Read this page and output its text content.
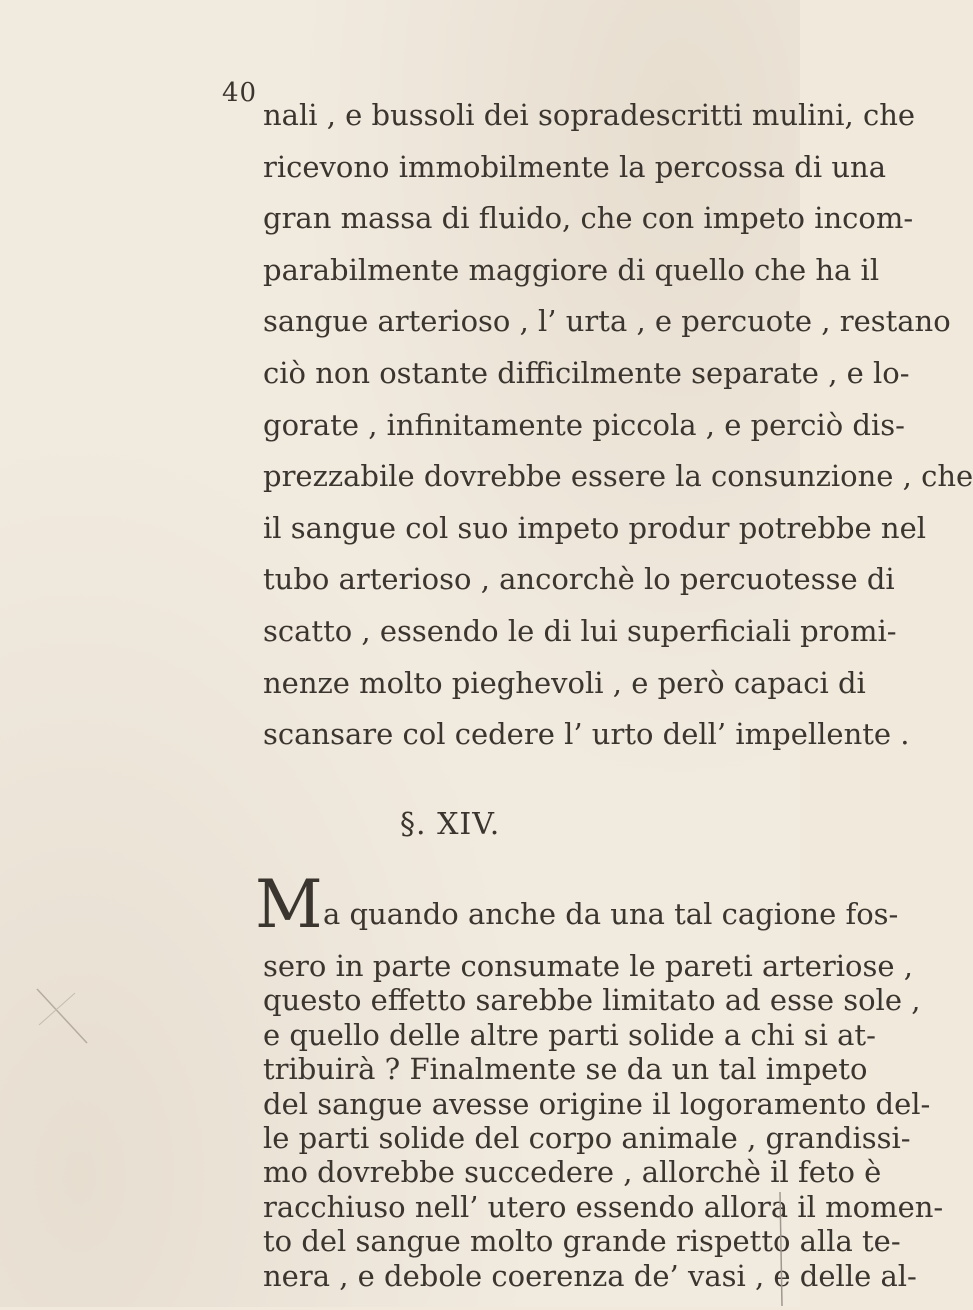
40
nali , e bussoli dei sopradescritti mulini, che
ricevono immobilmente la percossa di una
gran massa di fluido, che con impeto incom-
parabilmente maggiore di quello che ha il
sangue arterioso , l’ urta , e percuote , restano
ciò non ostante difficilmente separate , e lo-
gorate , infinitamente piccola , e perciò dis-
prezzabile dovrebbe essere la consunzione , che
il sangue col suo impeto produr potrebbe nel
tubo arterioso , ancorchè lo percuotesse di
scatto , essendo le di lui superficiali promi-
nenze molto pieghevoli , e però capaci di
scansare col cedere l’ urto dell’ impellente .
§. XIV.
M a quando anche da una tal cagione fos-
sero in parte consumate le pareti arteriose ,
questo effetto sarebbe limitato ad esse sole ,
e quello delle altre parti solide a chi si at-
tribuirà ? Finalmente se da un tal impeto
del sangue avesse origine il logoramento del-
le parti solide del corpo animale , grandissi-
mo dovrebbe succedere , allorchè il feto è
racchiuso nell’ utero essendo allora il momen-
to del sangue molto grande rispetto alla te-
nera , e debole coerenza de’ vasi , e delle al-
